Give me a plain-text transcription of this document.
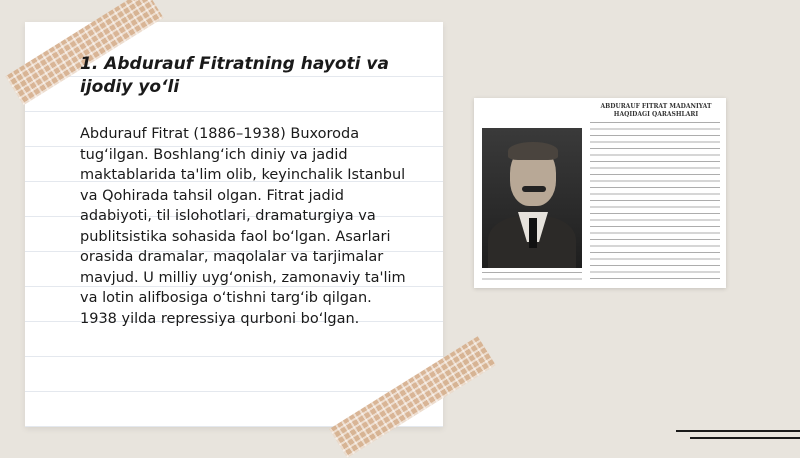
1. Abdurauf Fitratning hayoti va ijodiy yo‘li

Abdurauf Fitrat (1886–1938) Buxoroda tug‘ilgan. Boshlang‘ich diniy va jadid maktablarida ta'lim olib, keyinchalik Istanbul va Qohirada tahsil olgan. Fitrat jadid adabiyoti, til islohotlari, dramaturgiya va publitsistika sohasida faol bo‘lgan. Asarlari orasida dramalar, maqolalar va tarjimalar mavjud. U milliy uyg‘onish, zamonaviy ta'lim va lotin alifbosiga o‘tishni targ‘ib qilgan. 1938 yilda repressiya qurboni bo‘lgan.

ABDURAUF FITRAT MADANIYAT HAQIDAGI QARASHLARI
